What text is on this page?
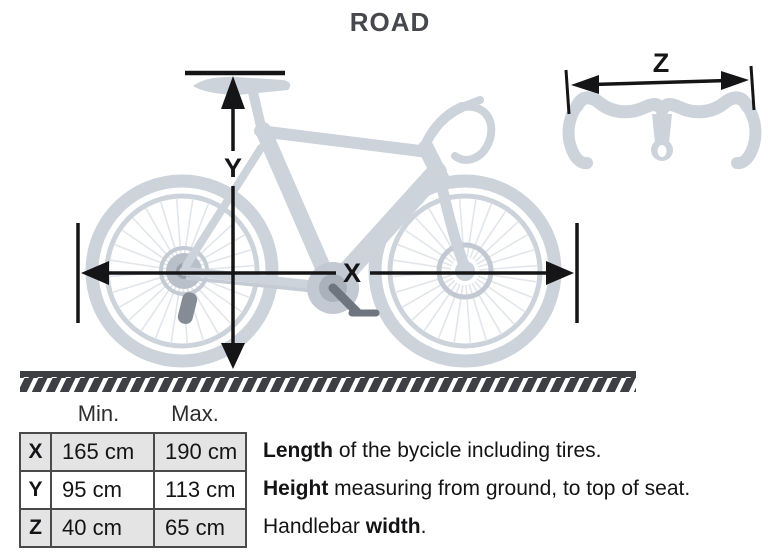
ROAD
Y
X
Z
Min.	Max.
X	165 cm	190 cm
Y	95 cm	113 cm
Z	40 cm	65 cm
Length of the bycicle including tires.
Height measuring from ground, to top of seat.
Handlebar width.
